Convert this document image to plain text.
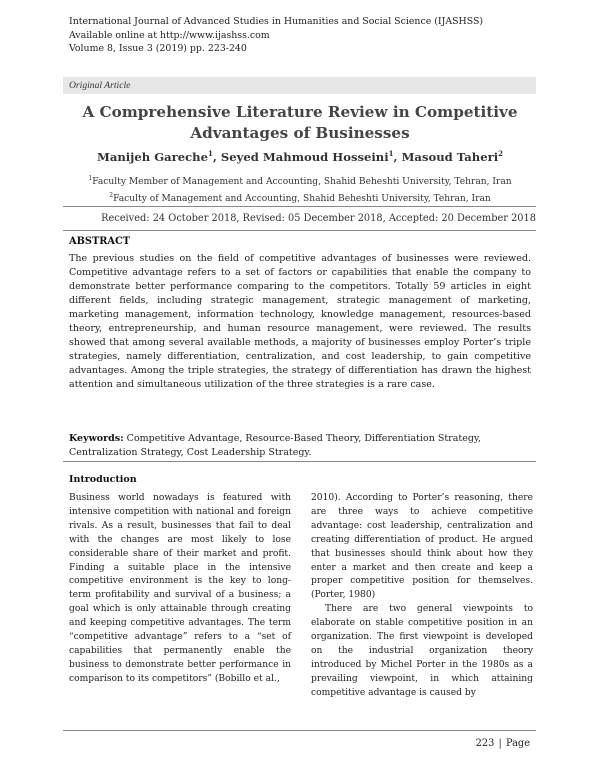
International Journal of Advanced Studies in Humanities and Social Science (IJASHSS)
Available online at http://www.ijashss.com
Volume 8, Issue 3 (2019) pp. 223-240
Original Article
A Comprehensive Literature Review in Competitive Advantages of Businesses
Manijeh Gareche$^1$, Seyed Mahmoud Hosseini$^1$, Masoud Taheri$^2$
$^1$Faculty Member of Management and Accounting, Shahid Beheshti University, Tehran, Iran
$^2$Faculty of Management and Accounting, Shahid Beheshti University, Tehran, Iran
Received: 24 October 2018, Revised: 05 December 2018, Accepted: 20 December 2018
ABSTRACT
The previous studies on the field of competitive advantages of businesses were reviewed. Competitive advantage refers to a set of factors or capabilities that enable the company to demonstrate better performance comparing to the competitors. Totally 59 articles in eight different fields, including strategic management, strategic management of marketing, marketing management, information technology, knowledge management, resources-based theory, entrepreneurship, and human resource management, were reviewed. The results showed that among several available methods, a majority of businesses employ Porter’s triple strategies, namely differentiation, centralization, and cost leadership, to gain competitive advantages. Among the triple strategies, the strategy of differentiation has drawn the highest attention and simultaneous utilization of the three strategies is a rare case.
Keywords: Competitive Advantage, Resource-Based Theory, Differentiation Strategy, Centralization Strategy, Cost Leadership Strategy.
Introduction

Business world nowadays is featured with intensive competition with national and foreign rivals. As a result, businesses that fail to deal with the changes are most likely to lose considerable share of their market and profit. Finding a suitable place in the intensive competitive environment is the key to long-term profitability and survival of a business; a goal which is only attainable through creating and keeping competitive advantages. The term “competitive advantage” refers to a “set of capabilities that permanently enable the business to demonstrate better performance in comparison to its competitors” (Bobillo et al.,

2010). According to Porter’s reasoning, there are three ways to achieve competitive advantage: cost leadership, centralization and creating differentiation of product. He argued that businesses should think about how they enter a market and then create and keep a proper competitive position for themselves. (Porter, 1980)

There are two general viewpoints to elaborate on stable competitive position in an organization. The first viewpoint is developed on the industrial organization theory introduced by Michel Porter in the 1980s as a prevailing viewpoint, in which attaining competitive advantage is caused by

223 | Page
